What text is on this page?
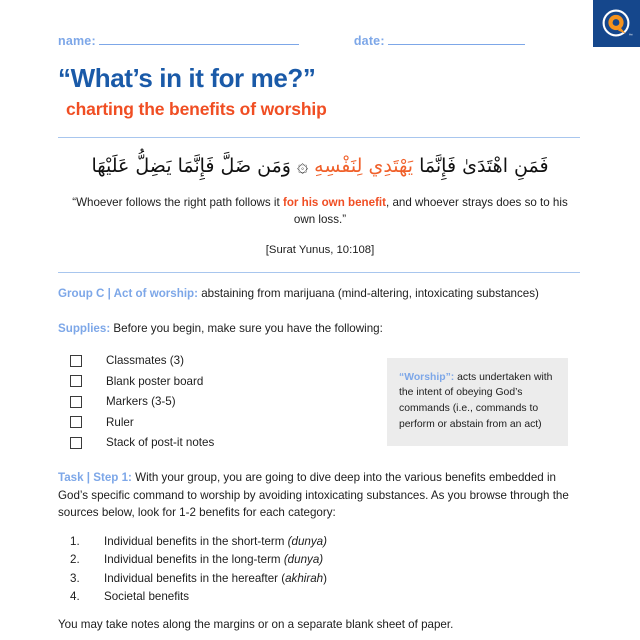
™
name:	date:
“What’s in it for me?”
charting the benefits of worship
فَمَنِ اهْتَدَىٰ فَإِنَّمَا يَهْتَدِي لِنَفْسِهِ ۞ وَمَن ضَلَّ فَإِنَّمَا يَضِلُّ عَلَيْهَا
“Whoever follows the right path follows it for his own benefit, and whoever strays does so to his own loss.”
[Surat Yunus, 10:108]
Group C | Act of worship: abstaining from marijuana (mind-altering, intoxicating substances)
Supplies: Before you begin, make sure you have the following:
Classmates (3)
Blank poster board
Markers (3-5)
Ruler
Stack of post-it notes
“Worship”: acts undertaken with the intent of obeying God’s commands (i.e., commands to perform or abstain from an act)
Task | Step 1: With your group, you are going to dive deep into the various benefits embedded in God’s specific command to worship by avoiding intoxicating substances. As you browse through the sources below, look for 1-2 benefits for each category:
1.	Individual benefits in the short-term (dunya)
2.	Individual benefits in the long-term (dunya)
3.	Individual benefits in the hereafter (akhirah)
4.	Societal benefits
You may take notes along the margins or on a separate blank sheet of paper.
